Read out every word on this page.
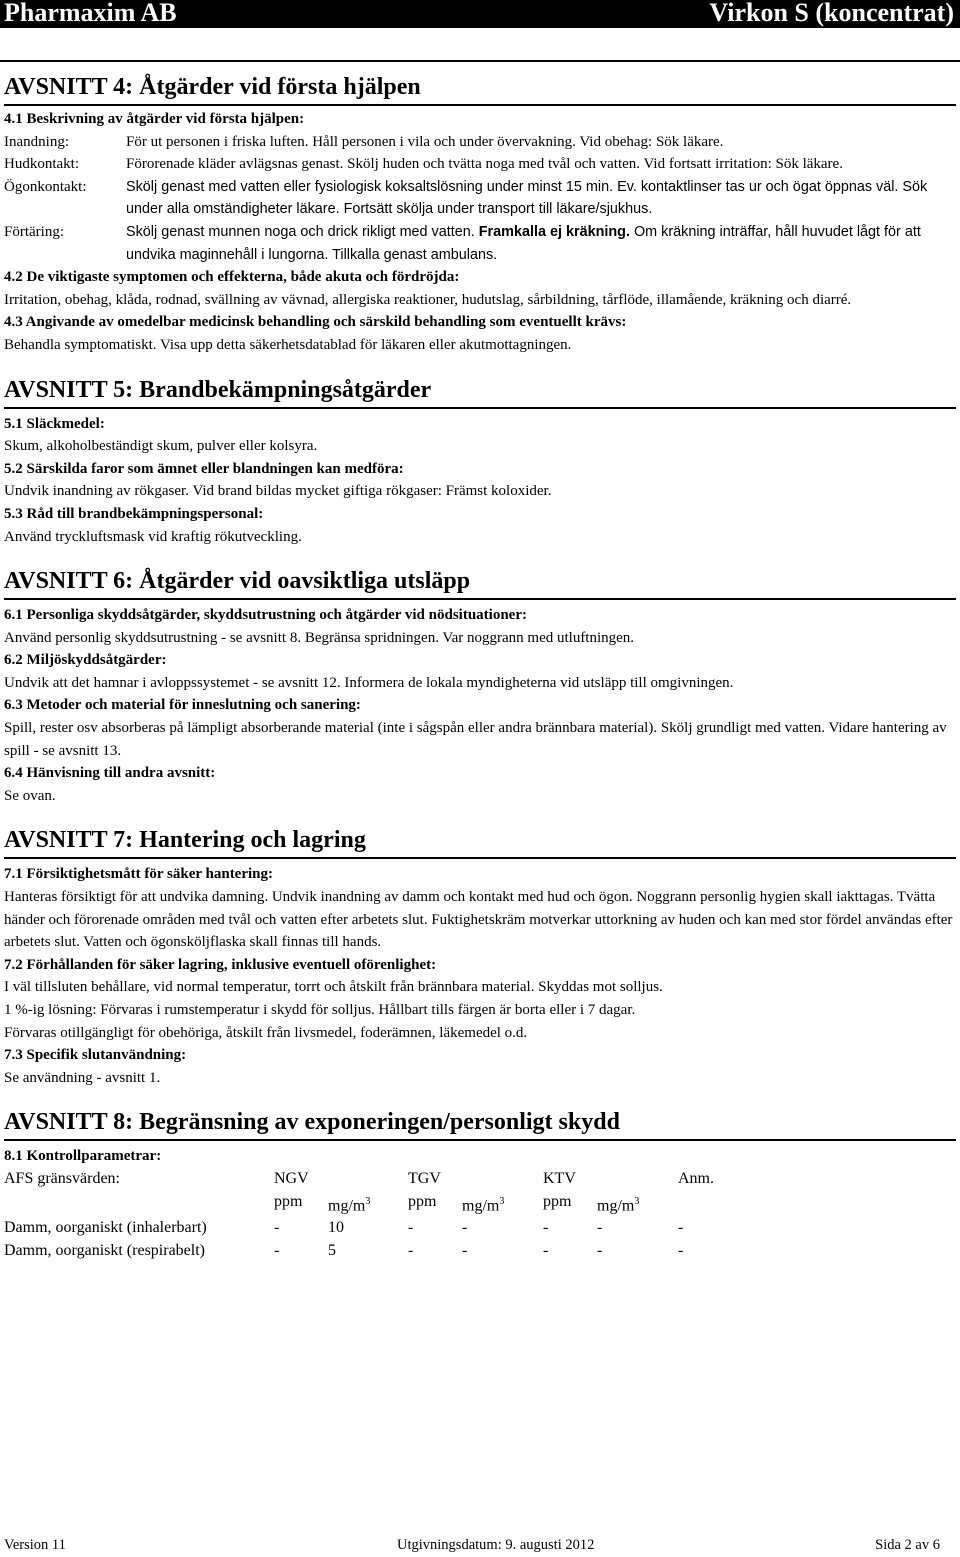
Pharmaxim AB	Virkon S (koncentrat)
AVSNITT 4: Åtgärder vid första hjälpen

4.1 Beskrivning av åtgärder vid första hjälpen:

Inandning:	För ut personen i friska luften. Håll personen i vila och under övervakning. Vid obehag: Sök läkare.
Hudkontakt:	Förorenade kläder avlägsnas genast. Skölj huden och tvätta noga med tvål och vatten. Vid fortsatt irritation: Sök läkare.
Ögonkontakt:	Skölj genast med vatten eller fysiologisk koksaltslösning under minst 15 min. Ev. kontaktlinser tas ur och ögat öppnas väl. Sök under alla omständigheter läkare. Fortsätt skölja under transport till läkare/sjukhus.
Förtäring:	Skölj genast munnen noga och drick rikligt med vatten. Framkalla ej kräkning. Om kräkning inträffar, håll huvudet lågt för att undvika maginnehåll i lungorna. Tillkalla genast ambulans.

4.2 De viktigaste symptomen och effekterna, både akuta och fördröjda:

Irritation, obehag, klåda, rodnad, svällning av vävnad, allergiska reaktioner, hudutslag, sårbildning, tårflöde, illamående, kräkning och diarré.

4.3 Angivande av omedelbar medicinsk behandling och särskild behandling som eventuellt krävs:

Behandla symptomatiskt. Visa upp detta säkerhetsdatablad för läkaren eller akutmottagningen.

AVSNITT 5: Brandbekämpningsåtgärder

5.1 Släckmedel:

Skum, alkoholbeständigt skum, pulver eller kolsyra.

5.2 Särskilda faror som ämnet eller blandningen kan medföra:

Undvik inandning av rökgaser. Vid brand bildas mycket giftiga rökgaser: Främst koloxider.

5.3 Råd till brandbekämpningspersonal:

Använd tryckluftsmask vid kraftig rökutveckling.

AVSNITT 6: Åtgärder vid oavsiktliga utsläpp

6.1 Personliga skyddsåtgärder, skyddsutrustning och åtgärder vid nödsituationer:

Använd personlig skyddsutrustning - se avsnitt 8. Begränsa spridningen. Var noggrann med utluftningen.

6.2 Miljöskyddsåtgärder:

Undvik att det hamnar i avloppssystemet - se avsnitt 12. Informera de lokala myndigheterna vid utsläpp till omgivningen.

6.3 Metoder och material för inneslutning och sanering:

Spill, rester osv absorberas på lämpligt absorberande material (inte i sågspån eller andra brännbara material). Skölj grundligt med vatten. Vidare hantering av spill - se avsnitt 13.

6.4 Hänvisning till andra avsnitt:

Se ovan.

AVSNITT 7: Hantering och lagring

7.1 Försiktighetsmått för säker hantering:

Hanteras försiktigt för att undvika damning. Undvik inandning av damm och kontakt med hud och ögon. Noggrann personlig hygien skall iakttagas. Tvätta händer och förorenade områden med tvål och vatten efter arbetets slut. Fuktighetskräm motverkar uttorkning av huden och kan med stor fördel användas efter arbetets slut. Vatten och ögonsköljflaska skall finnas till hands.

7.2 Förhållanden för säker lagring, inklusive eventuell oförenlighet:

I väl tillsluten behållare, vid normal temperatur, torrt och åtskilt från brännbara material. Skyddas mot solljus.

1 %-ig lösning: Förvaras i rumstemperatur i skydd för solljus. Hållbart tills färgen är borta eller i 7 dagar.

Förvaras otillgängligt för obehöriga, åtskilt från livsmedel, foderämnen, läkemedel o.d.

7.3 Specifik slutanvändning:

Se användning - avsnitt 1.

AVSNITT 8: Begränsning av exponeringen/personligt skydd

8.1 Kontrollparametrar:

AFS gränsvärden:	NGV		TGV		KTV		Anm.
	ppm	$mg/m^3$	ppm	$mg/m^3$	ppm	$mg/m^3$	
Damm, oorganiskt (inhalerbart)	-	10	-	-	-	-	-
Damm, oorganiskt (respirabelt)	-	5	-	-	-	-	-
Version 11	Utgivningsdatum: 9. augusti 2012	Sida 2 av 6
